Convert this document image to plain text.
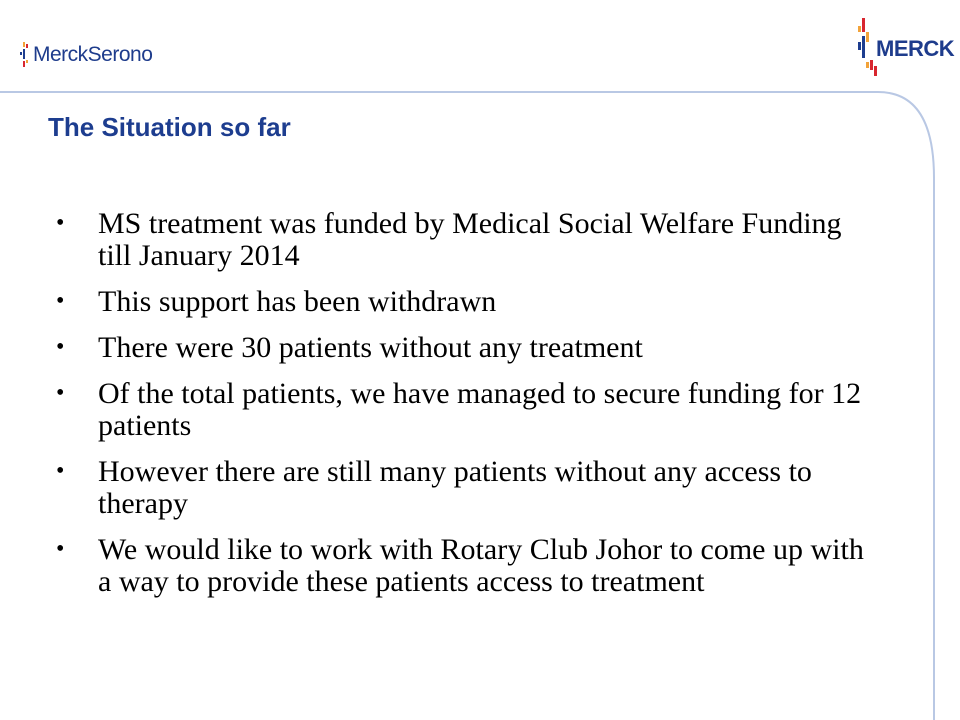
MerckSerono	MERCK
The Situation so far
• MS treatment was funded by Medical Social Welfare Funding till January 2014
• This support has been withdrawn
• There were 30 patients without any treatment
• Of the total patients, we have managed to secure funding for 12 patients
• However there are still many patients without any access to therapy
• We would like to work with Rotary Club Johor to come up with a way to provide these patients access to treatment
